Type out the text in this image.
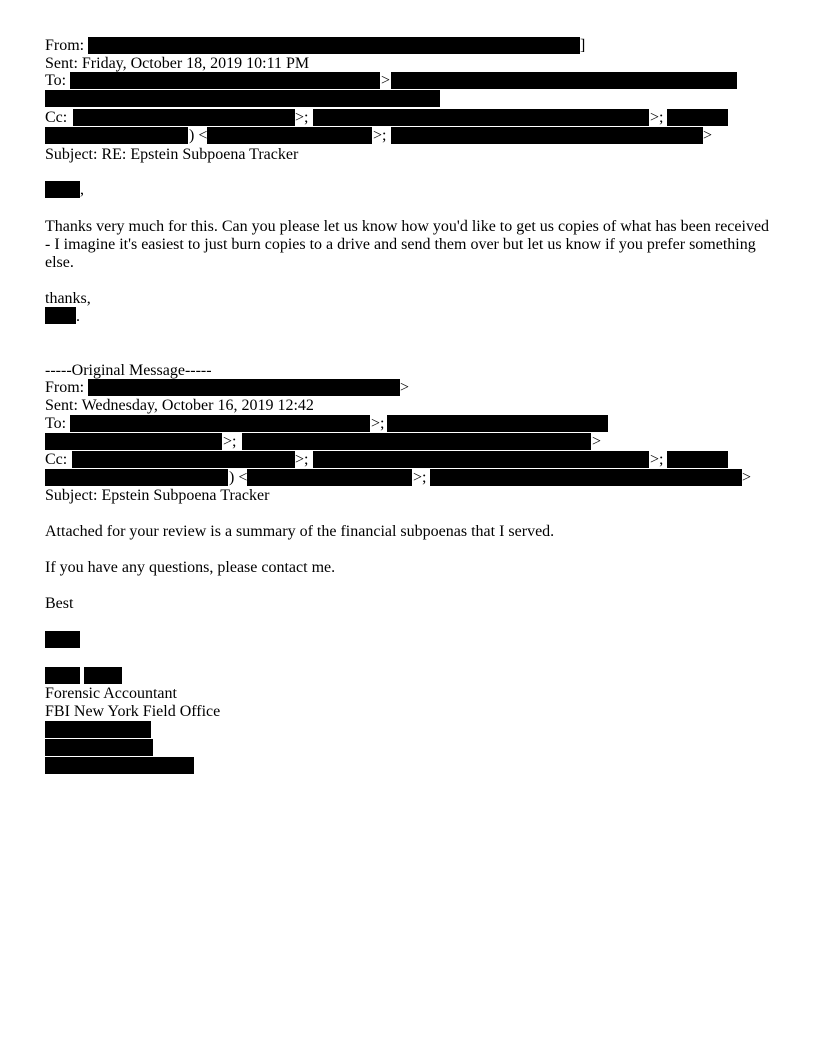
From:	]
Sent: Friday, October 18, 2019 10:11 PM
To:	>
Cc:	>;	>;
) <	>;	>
Subject: RE: Epstein Subpoena Tracker
,
Thanks very much for this. Can you please let us know how you'd like to get us copies of what has been received
- I imagine it's easiest to just burn copies to a drive and send them over but let us know if you prefer something
else.
thanks,
.
-----Original Message-----
From:	>
Sent: Wednesday, October 16, 2019 12:42
To:	>;
>;	>
Cc:	>;	>;
) <	>;	>
Subject: Epstein Subpoena Tracker
Attached for your review is a summary of the financial subpoenas that I served.
If you have any questions, please contact me.
Best
Forensic Accountant
FBI New York Field Office
